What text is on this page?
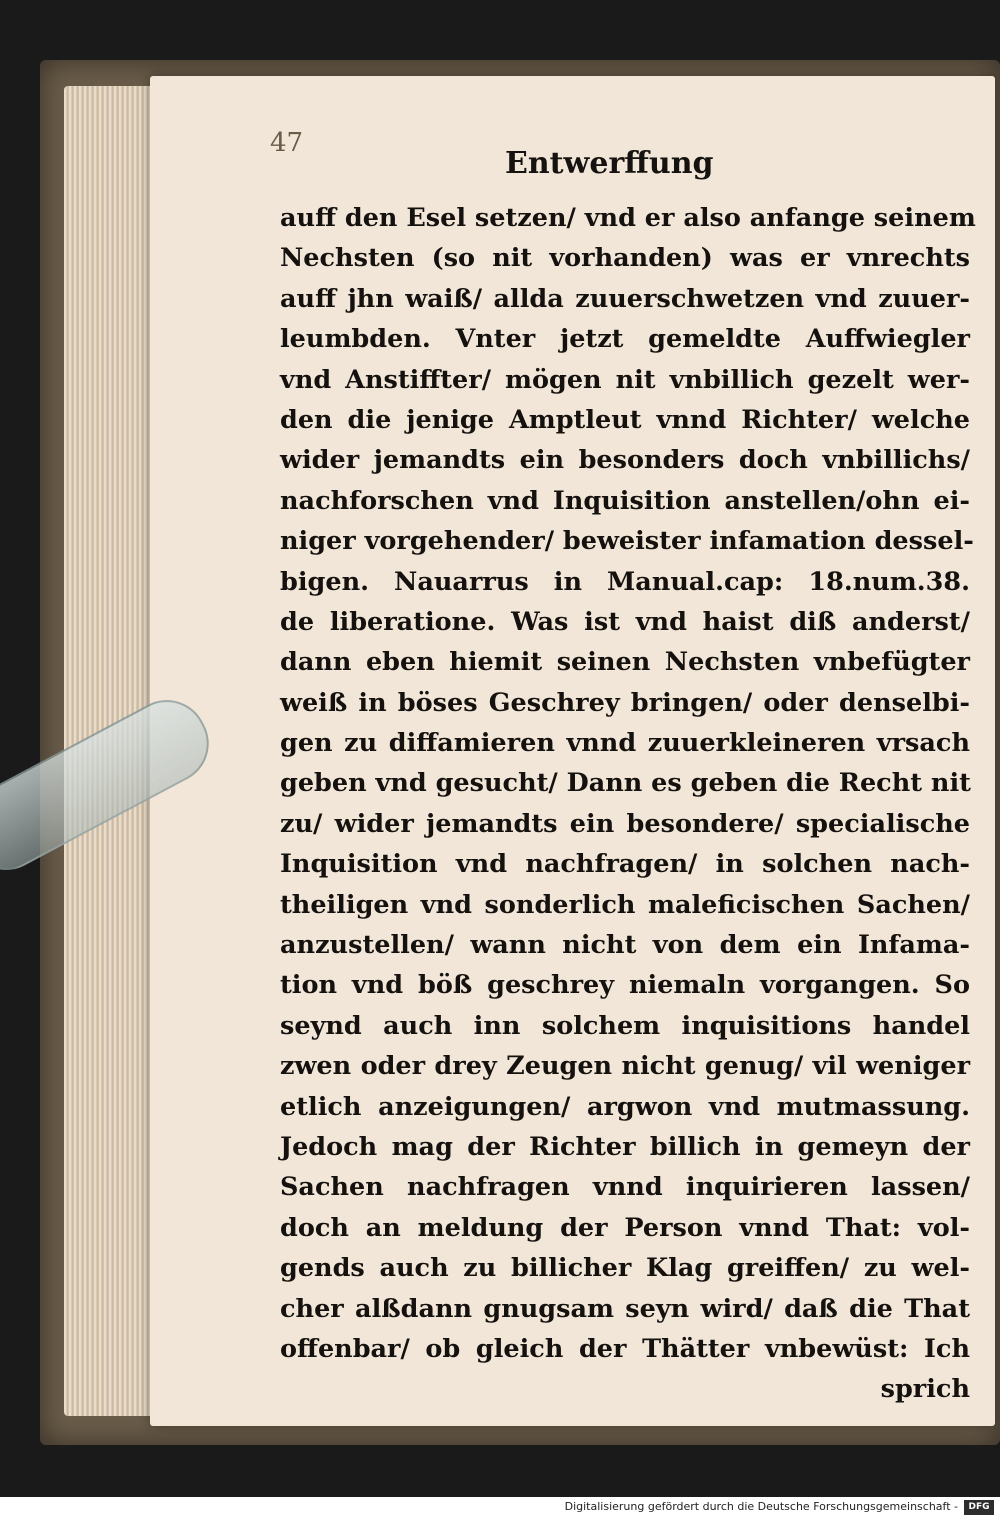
47
Entwerffung
auff den Esel setzen/ vnd er also anfange seinem
Nechsten (so nit vorhanden) was er vnrechts
auff jhn waiß/ allda zuuerschwetzen vnd zuuer-
leumbden. Vnter jetzt gemeldte Auffwiegler
vnd Anstiffter/ mögen nit vnbillich gezelt wer-
den die jenige Amptleut vnnd Richter/ welche
wider jemandts ein besonders doch vnbillichs/
nachforschen vnd Inquisition anstellen/ohn ei-
niger vorgehender/ beweister infamation dessel-
bigen. Nauarrus in Manual.cap: 18.num.38.
de liberatione. Was ist vnd haist diß anderst/
dann eben hiemit seinen Nechsten vnbefügter
weiß in böses Geschrey bringen/ oder denselbi-
gen zu diffamieren vnnd zuuerkleineren vrsach
geben vnd gesucht/ Dann es geben die Recht nit
zu/ wider jemandts ein besondere/ specialische
Inquisition vnd nachfragen/ in solchen nach-
theiligen vnd sonderlich maleficischen Sachen/
anzustellen/ wann nicht von dem ein Infama-
tion vnd böß geschrey niemaln vorgangen. So
seynd auch inn solchem inquisitions handel
zwen oder drey Zeugen nicht genug/ vil weniger
etlich anzeigungen/ argwon vnd mutmassung.
Jedoch mag der Richter billich in gemeyn der
Sachen nachfragen vnnd inquirieren lassen/
doch an meldung der Person vnnd That: vol-
gends auch zu billicher Klag greiffen/ zu wel-
cher alßdann gnugsam seyn wird/ daß die That
offenbar/ ob gleich der Thätter vnbewüst: Ich
sprich
Digitalisierung gefördert durch die Deutsche Forschungsgemeinschaft -	DFG
